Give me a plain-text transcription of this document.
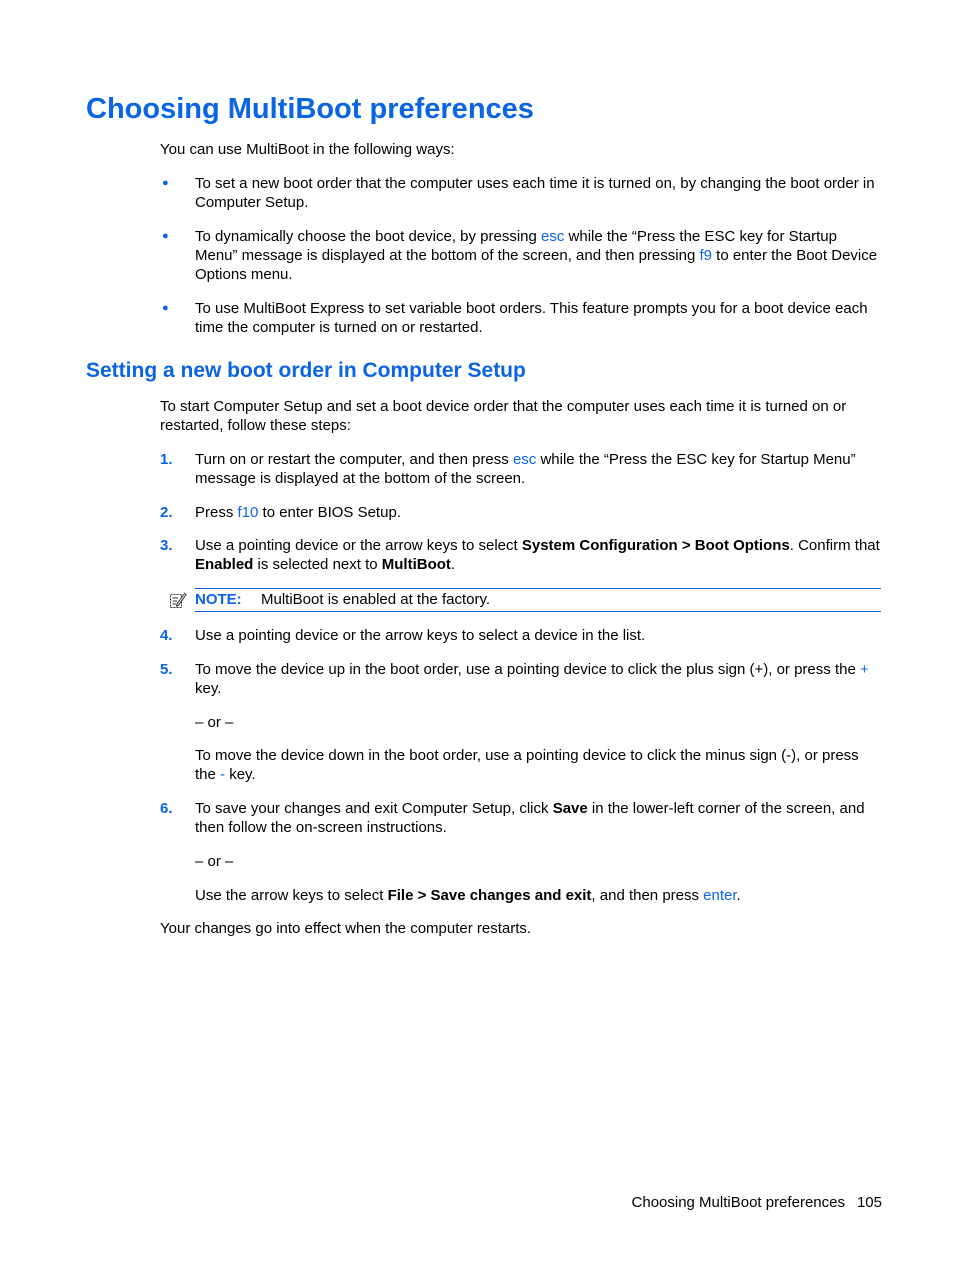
Choosing MultiBoot preferences

You can use MultiBoot in the following ways:

● To set a new boot order that the computer uses each time it is turned on, by changing the boot order in Computer Setup.
● To dynamically choose the boot device, by pressing esc while the “Press the ESC key for Startup Menu” message is displayed at the bottom of the screen, and then pressing f9 to enter the Boot Device Options menu.
● To use MultiBoot Express to set variable boot orders. This feature prompts you for a boot device each time the computer is turned on or restarted.
Setting a new boot order in Computer Setup

To start Computer Setup and set a boot device order that the computer uses each time it is turned on or restarted, follow these steps:

1.	Turn on or restart the computer, and then press esc while the “Press the ESC key for Startup Menu” message is displayed at the bottom of the screen.
2.	Press f10 to enter BIOS Setup.
3.	Use a pointing device or the arrow keys to select System Configuration > Boot Options. Confirm that Enabled is selected next to MultiBoot.
NOTE: MultiBoot is enabled at the factory.
4.	Use a pointing device or the arrow keys to select a device in the list.
5.	To move the device up in the boot order, use a pointing device to click the plus sign (+), or press the + key.
– or –
To move the device down in the boot order, use a pointing device to click the minus sign (-), or press the - key.
6.	To save your changes and exit Computer Setup, click Save in the lower-left corner of the screen, and then follow the on-screen instructions.
– or –
Use the arrow keys to select File > Save changes and exit, and then press enter.

Your changes go into effect when the computer restarts.

Choosing MultiBoot preferences 105
